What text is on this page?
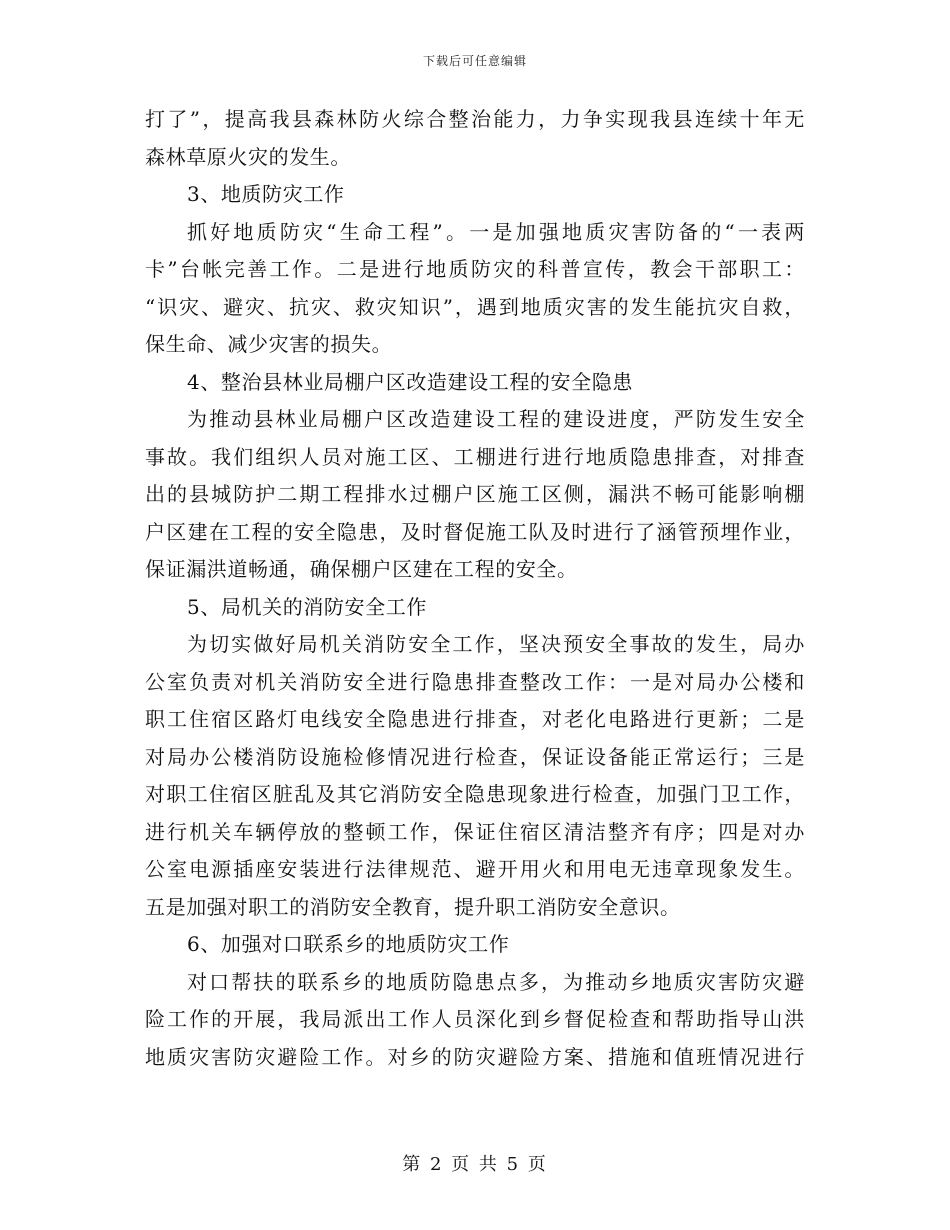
下载后可任意编辑
打了”，提高我县森林防火综合整治能力，力争实现我县连续十年无
森林草原火灾的发生。
3、地质防灾工作
抓好地质防灾“生命工程”。一是加强地质灾害防备的“一表两
卡”台帐完善工作。二是进行地质防灾的科普宣传，教会干部职工：
“识灾、避灾、抗灾、救灾知识”，遇到地质灾害的发生能抗灾自救，
保生命、减少灾害的损失。
4、整治县林业局棚户区改造建设工程的安全隐患
为推动县林业局棚户区改造建设工程的建设进度，严防发生安全
事故。我们组织人员对施工区、工棚进行进行地质隐患排查，对排查
出的县城防护二期工程排水过棚户区施工区侧，漏洪不畅可能影响棚
户区建在工程的安全隐患，及时督促施工队及时进行了涵管预埋作业，
保证漏洪道畅通，确保棚户区建在工程的安全。
5、局机关的消防安全工作
为切实做好局机关消防安全工作，坚决预安全事故的发生，局办
公室负责对机关消防安全进行隐患排查整改工作：一是对局办公楼和
职工住宿区路灯电线安全隐患进行排查，对老化电路进行更新；二是
对局办公楼消防设施检修情况进行检查，保证设备能正常运行；三是
对职工住宿区脏乱及其它消防安全隐患现象进行检查，加强门卫工作，
进行机关车辆停放的整顿工作，保证住宿区清洁整齐有序；四是对办
公室电源插座安装进行法律规范、避开用火和用电无违章现象发生。
五是加强对职工的消防安全教育，提升职工消防安全意识。
6、加强对口联系乡的地质防灾工作
对口帮扶的联系乡的地质防隐患点多，为推动乡地质灾害防灾避
险工作的开展，我局派出工作人员深化到乡督促检查和帮助指导山洪
地质灾害防灾避险工作。对乡的防灾避险方案、措施和值班情况进行
第 2 页 共 5 页
